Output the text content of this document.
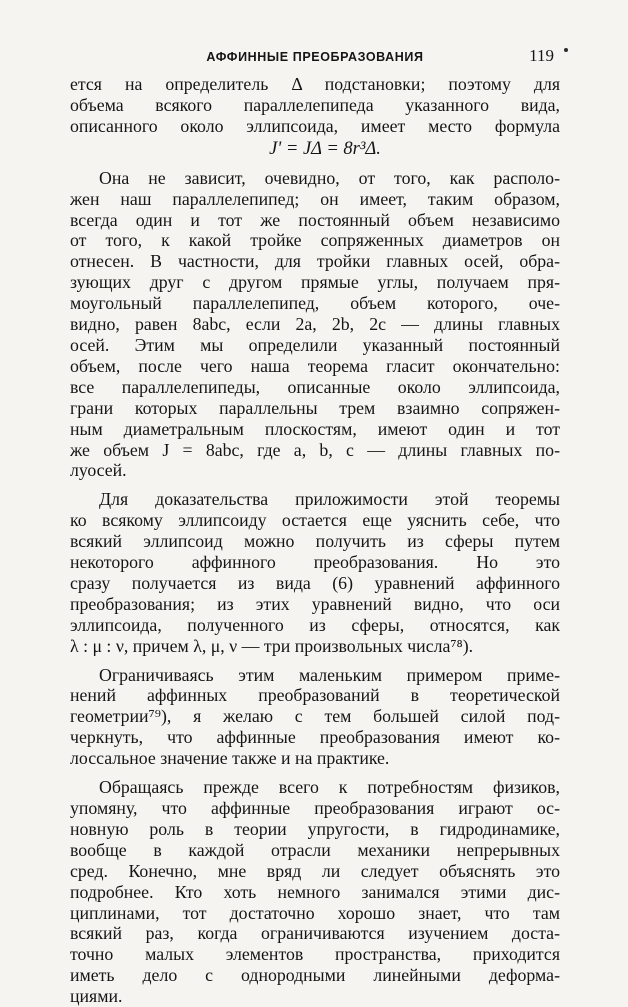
АФФИННЫЕ ПРЕОБРАЗОВАНИЯ	119
ется на определитель Δ подстановки; поэтому для
объема всякого параллелепипеда указанного вида,
описанного около эллипсоида, имеет место формула
J' = JΔ = 8r³Δ.
Она не зависит, очевидно, от того, как располо-
жен наш параллелепипед; он имеет, таким образом,
всегда один и тот же постоянный объем независимо
от того, к какой тройке сопряженных диаметров он
отнесен. В частности, для тройки главных осей, обра-
зующих друг с другом прямые углы, получаем пря-
моугольный параллелепипед, объем которого, оче-
видно, равен 8abc, если 2a, 2b, 2c — длины главных
осей. Этим мы определили указанный постоянный
объем, после чего наша теорема гласит окончательно:
все параллелепипеды, описанные около эллипсоида,
грани которых параллельны трем взаимно сопряжен-
ным диаметральным плоскостям, имеют один и тот
же объем J = 8abc, где a, b, c — длины главных по-
луосей.
Для доказательства приложимости этой теоремы
ко всякому эллипсоиду остается еще уяснить себе, что
всякий эллипсоид можно получить из сферы путем
некоторого аффинного преобразования. Но это
сразу получается из вида (6) уравнений аффинного
преобразования; из этих уравнений видно, что оси
эллипсоида, полученного из сферы, относятся, как
λ : μ : ν, причем λ, μ, ν — три произвольных числа⁷⁸).
Ограничиваясь этим маленьким примером приме-
нений аффинных преобразований в теоретической
геометрии⁷⁹), я желаю с тем большей силой под-
черкнуть, что аффинные преобразования имеют ко-
лоссальное значение также и на практике.
Обращаясь прежде всего к потребностям физиков,
упомяну, что аффинные преобразования играют ос-
новную роль в теории упругости, в гидродинамике,
вообще в каждой отрасли механики непрерывных
сред. Конечно, мне вряд ли следует объяснять это
подробнее. Кто хоть немного занимался этими дис-
циплинами, тот достаточно хорошо знает, что там
всякий раз, когда ограничиваются изучением доста-
точно малых элементов пространства, приходится
иметь дело с однородными линейными деформа-
циями.
